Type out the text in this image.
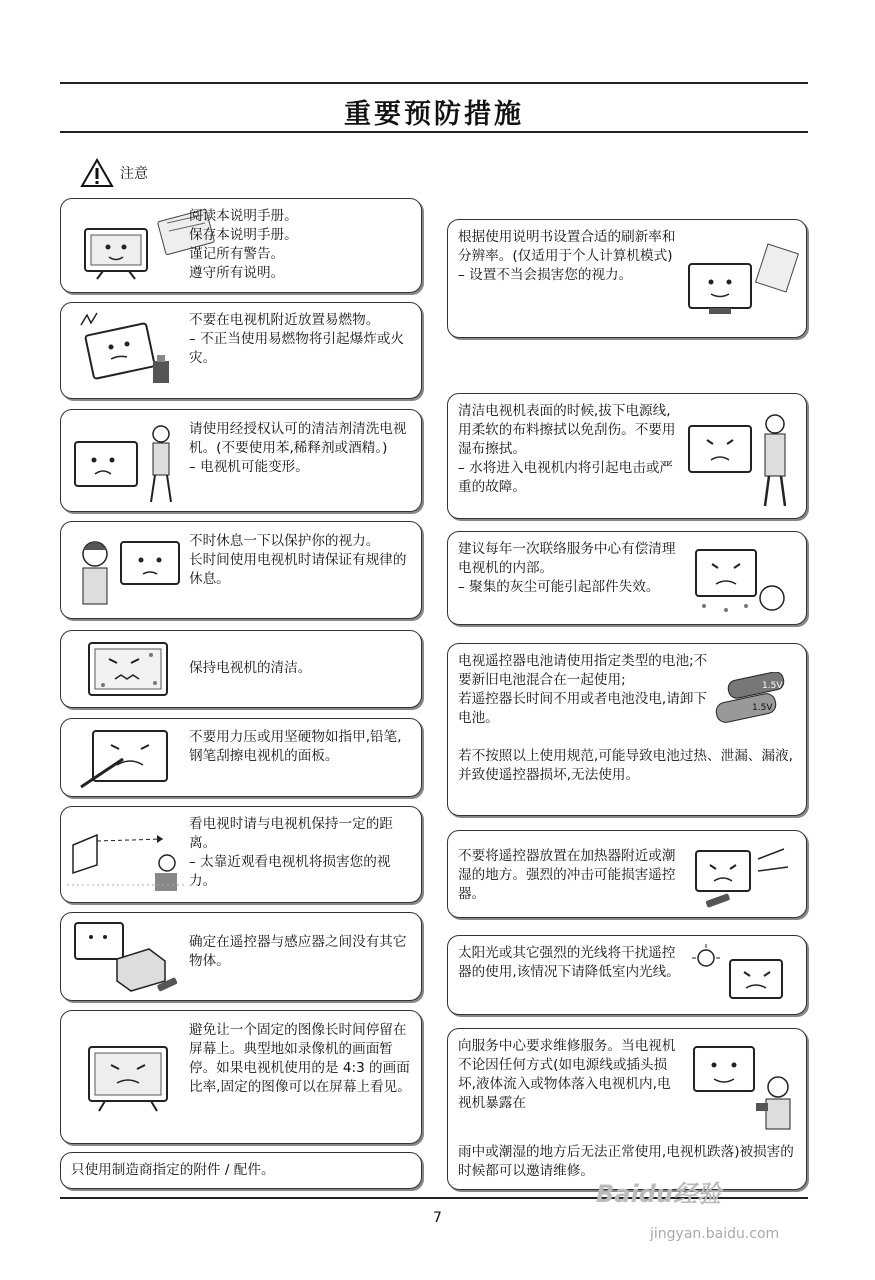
重要预防措施
注意
阅读本说明手册。
保存本说明手册。
谨记所有警告。
遵守所有说明。
不要在电视机附近放置易燃物。
– 不正当使用易燃物将引起爆炸或火灾。
请使用经授权认可的清洁剂清洗电视机。(不要使用苯,稀释剂或酒精。)
– 电视机可能变形。
不时休息一下以保护你的视力。
长时间使用电视机时请保证有规律的休息。
保持电视机的清洁。
不要用力压或用坚硬物如指甲,铅笔,钢笔刮擦电视机的面板。
看电视时请与电视机保持一定的距离。
– 太靠近观看电视机将损害您的视力。
确定在遥控器与感应器之间没有其它物体。
避免让一个固定的图像长时间停留在屏幕上。典型地如录像机的画面暂停。如果电视机使用的是 4:3 的画面比率,固定的图像可以在屏幕上看见。
只使用制造商指定的附件 / 配件。
根据使用说明书设置合适的刷新率和分辨率。(仅适用于个人计算机模式)
– 设置不当会损害您的视力。
清洁电视机表面的时候,拔下电源线,用柔软的布料擦拭以免刮伤。不要用湿布擦拭。
– 水将进入电视机内将引起电击或严重的故障。
建议每年一次联络服务中心有偿清理电视机的内部。
– 聚集的灰尘可能引起部件失效。
1.5V
1.5V
电视遥控器电池请使用指定类型的电池;不要新旧电池混合在一起使用;
若遥控器长时间不用或者电池没电,请卸下电池。
若不按照以上使用规范,可能导致电池过热、泄漏、漏液,并致使遥控器损坏,无法使用。
不要将遥控器放置在加热器附近或潮湿的地方。强烈的冲击可能损害遥控器。
太阳光或其它强烈的光线将干扰遥控器的使用,该情况下请降低室内光线。
向服务中心要求维修服务。当电视机不论因任何方式(如电源线或插头损坏,液体流入或物体落入电视机内,电视机暴露在
雨中或潮湿的地方后无法正常使用,电视机跌落)被损害的时候都可以邀请维修。
7
Baidu经验
jingyan.baidu.com
